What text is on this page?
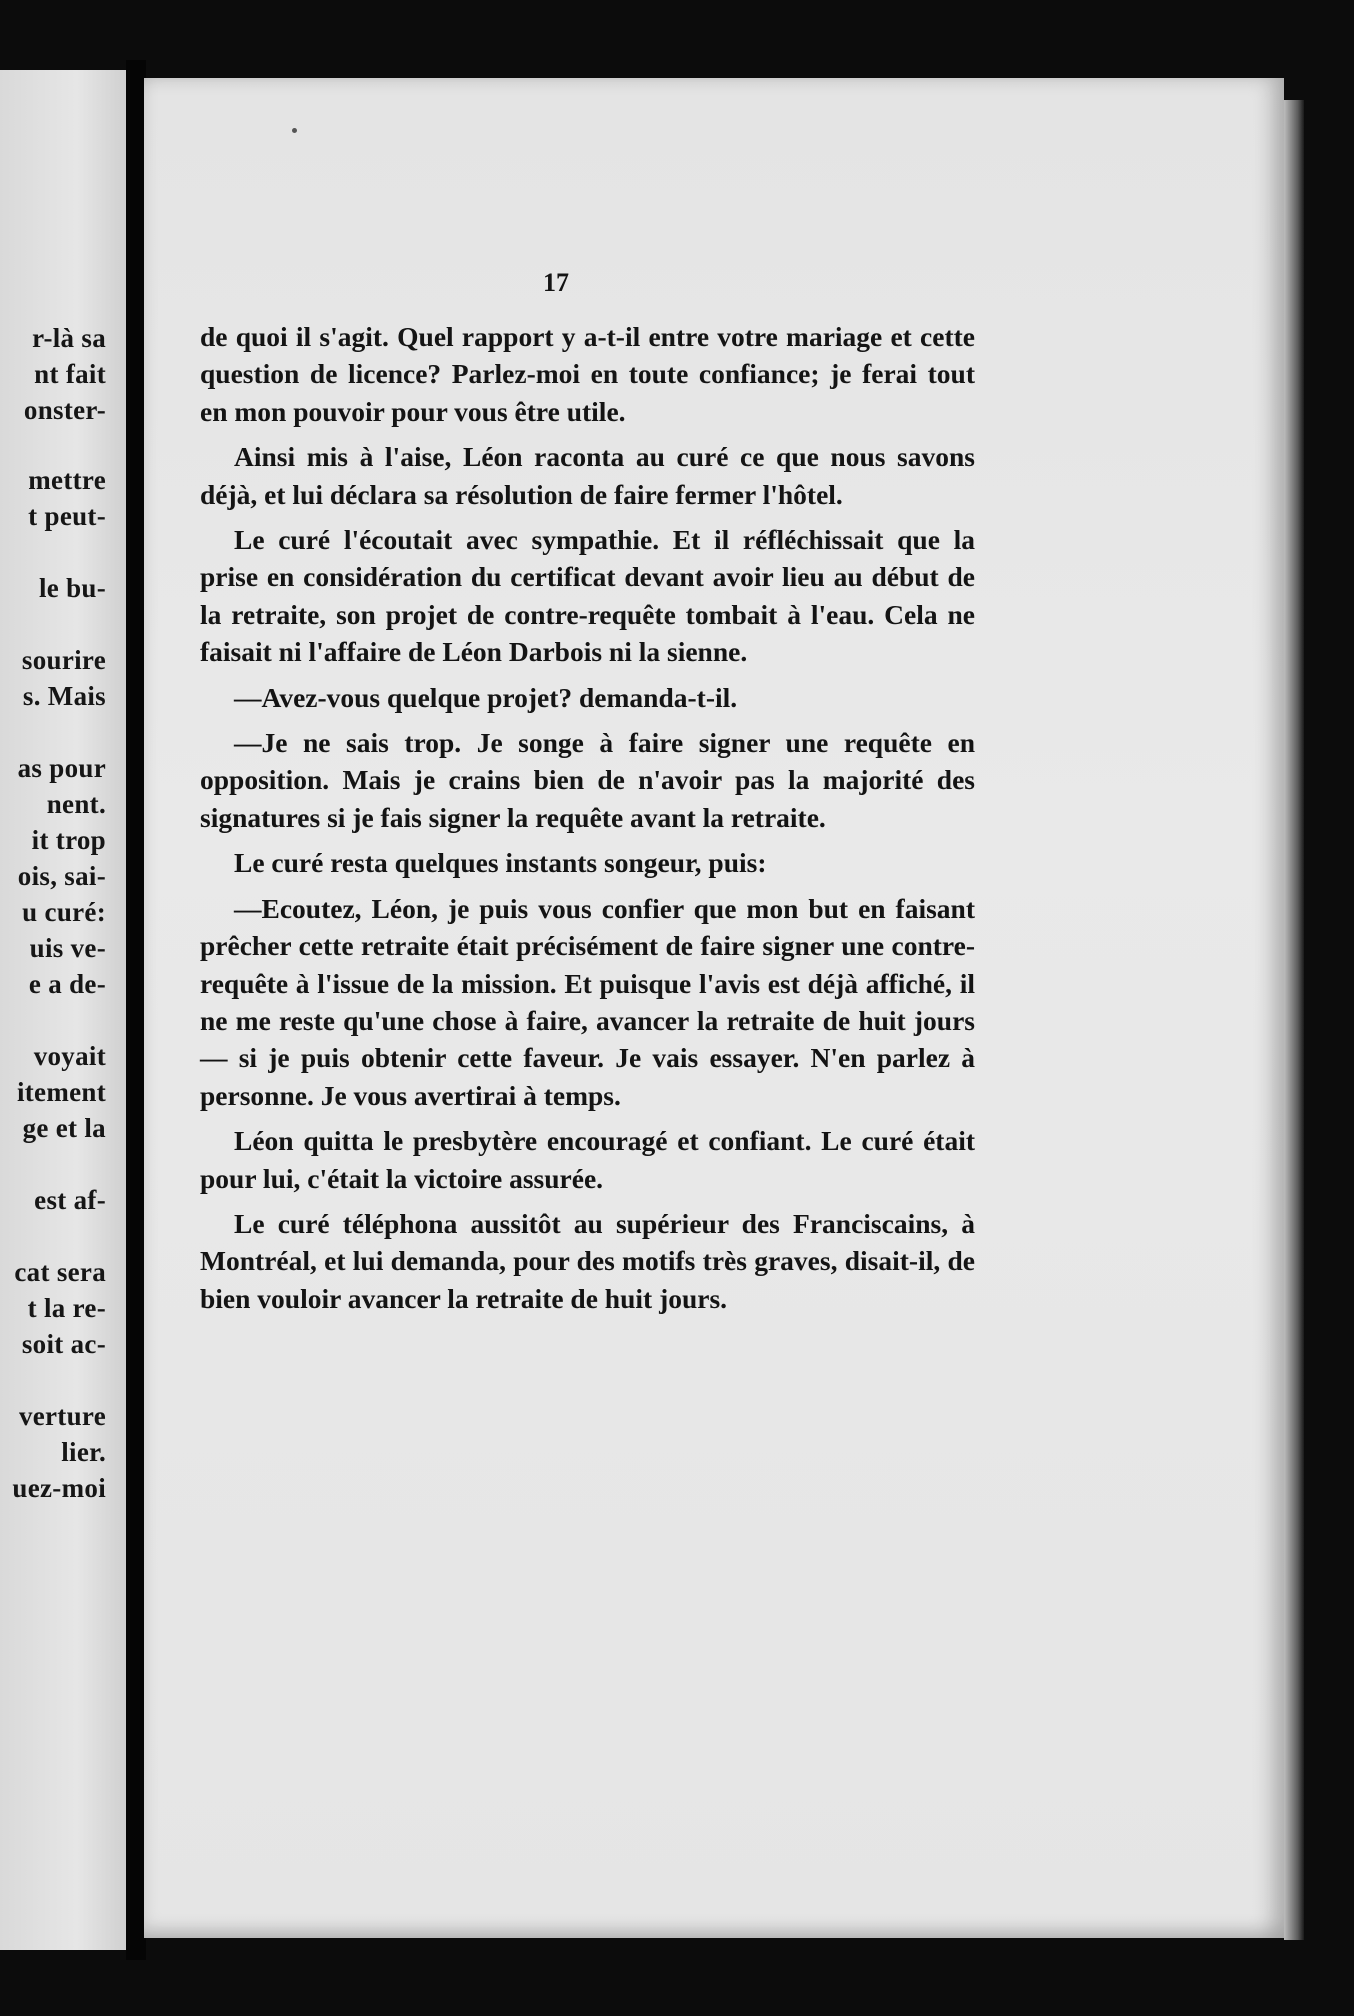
r-là sa
nt fait
onster-
mettre
t peut-
le bu-
sourire
s. Mais
as pour
nent.
it trop
ois, sai-
u curé:
uis ve-
e a de-
voyait
itement
ge et la
est af-
cat sera
t la re-
soit ac-
verture
lier.
uez-moi
17

de quoi il s'agit. Quel rapport y a-t-il entre votre mariage et cette question de licence? Parlez-moi en toute confiance; je ferai tout en mon pouvoir pour vous être utile.

Ainsi mis à l'aise, Léon raconta au curé ce que nous savons déjà, et lui déclara sa résolution de faire fermer l'hôtel.

Le curé l'écoutait avec sympathie. Et il réfléchissait que la prise en considération du certificat devant avoir lieu au début de la retraite, son projet de contre-requête tombait à l'eau. Cela ne faisait ni l'affaire de Léon Darbois ni la sienne.

—Avez-vous quelque projet? demanda-t-il.

—Je ne sais trop. Je songe à faire signer une requête en opposition. Mais je crains bien de n'avoir pas la majorité des signatures si je fais signer la requête avant la retraite.

Le curé resta quelques instants songeur, puis:

—Ecoutez, Léon, je puis vous confier que mon but en faisant prêcher cette retraite était précisément de faire signer une contre-requête à l'issue de la mission. Et puisque l'avis est déjà affiché, il ne me reste qu'une chose à faire, avancer la retraite de huit jours — si je puis obtenir cette faveur. Je vais essayer. N'en parlez à personne. Je vous avertirai à temps.

Léon quitta le presbytère encouragé et confiant. Le curé était pour lui, c'était la victoire assurée.

Le curé téléphona aussitôt au supérieur des Franciscains, à Montréal, et lui demanda, pour des motifs très graves, disait-il, de bien vouloir avancer la retraite de huit jours.
